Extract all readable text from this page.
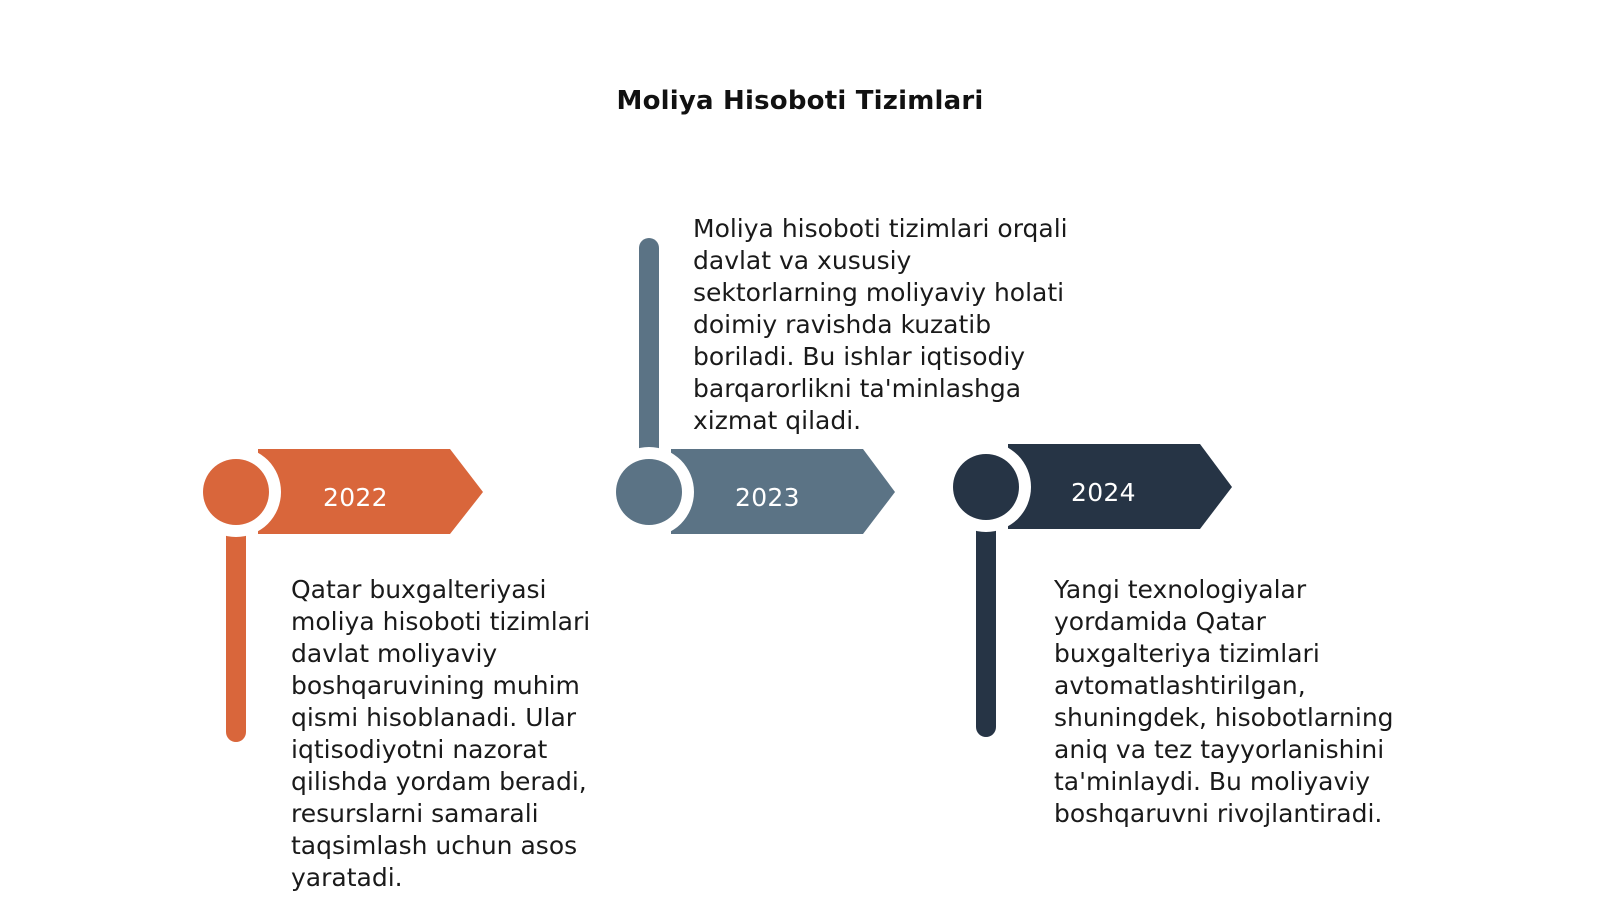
Moliya Hisoboti Tizimlari
2022	2023	2024
Qatar buxgalteriyasi moliya hisoboti tizimlari davlat moliyaviy boshqaruvining muhim qismi hisoblanadi. Ular iqtisodiyotni nazorat qilishda yordam beradi, resurslarni samarali taqsimlash uchun asos yaratadi.
Moliya hisoboti tizimlari orqali davlat va xususiy sektorlarning moliyaviy holati doimiy ravishda kuzatib boriladi. Bu ishlar iqtisodiy barqarorlikni ta'minlashga xizmat qiladi.
Yangi texnologiyalar yordamida Qatar buxgalteriya tizimlari avtomatlashtirilgan, shuningdek, hisobotlarning aniq va tez tayyorlanishini ta'minlaydi. Bu moliyaviy boshqaruvni rivojlantiradi.
